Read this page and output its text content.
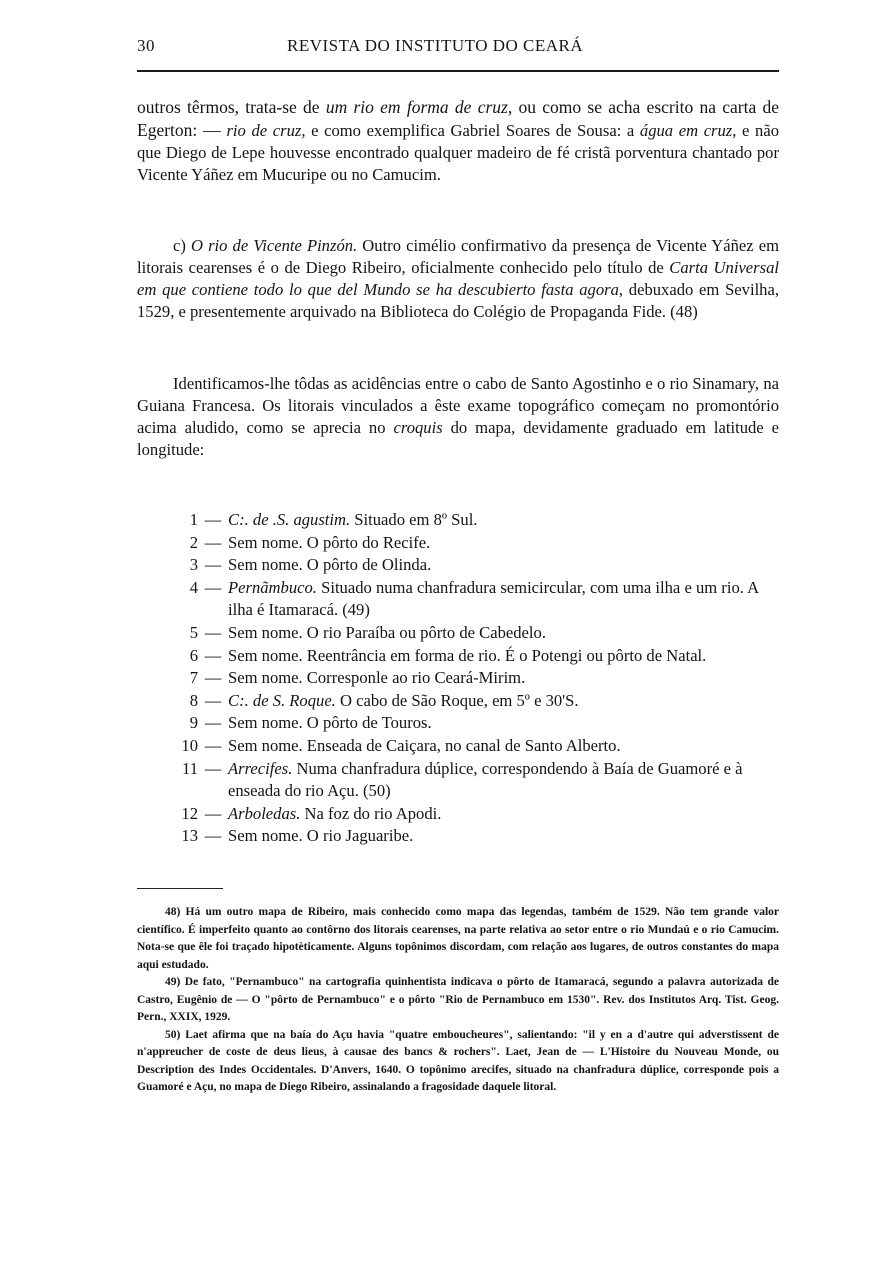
30	REVISTA DO INSTITUTO DO CEARÁ

outros têrmos, trata-se de um rio em forma de cruz, ou como se acha escrito na carta de Egerton: — rio de cruz, e como exemplifica Gabriel Soares de Sousa: a água em cruz, e não que Diego de Lepe houvesse encontrado qualquer madeiro de fé cristã porventura chantado por Vicente Yáñez em Mucuripe ou no Camucim.

c) O rio de Vicente Pinzón. Outro cimélio confirmativo da presença de Vicente Yáñez em litorais cearenses é o de Diego Ribeiro, oficialmente conhecido pelo título de Carta Universal em que contiene todo lo que del Mundo se ha descubierto fasta agora, debuxado em Sevilha, 1529, e presentemente arquivado na Biblioteca do Colégio de Propaganda Fide. (48)

Identificamos-lhe tôdas as acidências entre o cabo de Santo Agostinho e o rio Sinamary, na Guiana Francesa. Os litorais vinculados a êste exame topográfico começam no promontório acima aludido, como se aprecia no croquis do mapa, devidamente graduado em latitude e longitude:

1 — C:. de .S. agustim. Situado em 8º Sul.
2 — Sem nome. O pôrto do Recife.
3 — Sem nome. O pôrto de Olinda.
4 — Pernãmbuco. Situado numa chanfradura semicircular, com uma ilha e um rio. A ilha é Itamaracá. (49)
5 — Sem nome. O rio Paraíba ou pôrto de Cabedelo.
6 — Sem nome. Reentrância em forma de rio. É o Potengi ou pôrto de Natal.
7 — Sem nome. Corresponle ao rio Ceará-Mirim.
8 — C:. de S. Roque. O cabo de São Roque, em 5º e 30'S.
9 — Sem nome. O pôrto de Touros.
10 — Sem nome. Enseada de Caiçara, no canal de Santo Alberto.
11 — Arrecifes. Numa chanfradura dúplice, correspondendo à Baía de Guamoré e à enseada do rio Açu. (50)
12 — Arboledas. Na foz do rio Apodi.
13 — Sem nome. O rio Jaguaribe.

48) Há um outro mapa de Ribeiro, mais conhecido como mapa das legendas, também de 1529. Não tem grande valor científico. É imperfeito quanto ao contôrno dos litorais cearenses, na parte relativa ao setor entre o rio Mundaú e o rio Camucim. Nota-se que êle foi traçado hipotèticamente. Alguns topônimos discordam, com relação aos lugares, de outros constantes do mapa aqui estudado.

49) De fato, "Pernambuco" na cartografia quinhentista indicava o pôrto de Itamaracá, segundo a palavra autorizada de Castro, Eugênio de — O "pôrto de Pernambuco" e o pôrto "Rio de Pernambuco em 1530". Rev. dos Institutos Arq. Tist. Geog. Pern., XXIX, 1929.

50) Laet afirma que na baía do Açu havia "quatre emboucheures", salientando: "il y en a d'autre qui adverstissent de n'appreucher de coste de deus lieus, à causae des bancs & rochers". Laet, Jean de — L'Histoire du Nouveau Monde, ou Description des Indes Occidentales. D'Anvers, 1640. O topônimo arecifes, situado na chanfradura dúplice, corresponde pois a Guamoré e Açu, no mapa de Diego Ribeiro, assinalando a fragosidade daquele litoral.
